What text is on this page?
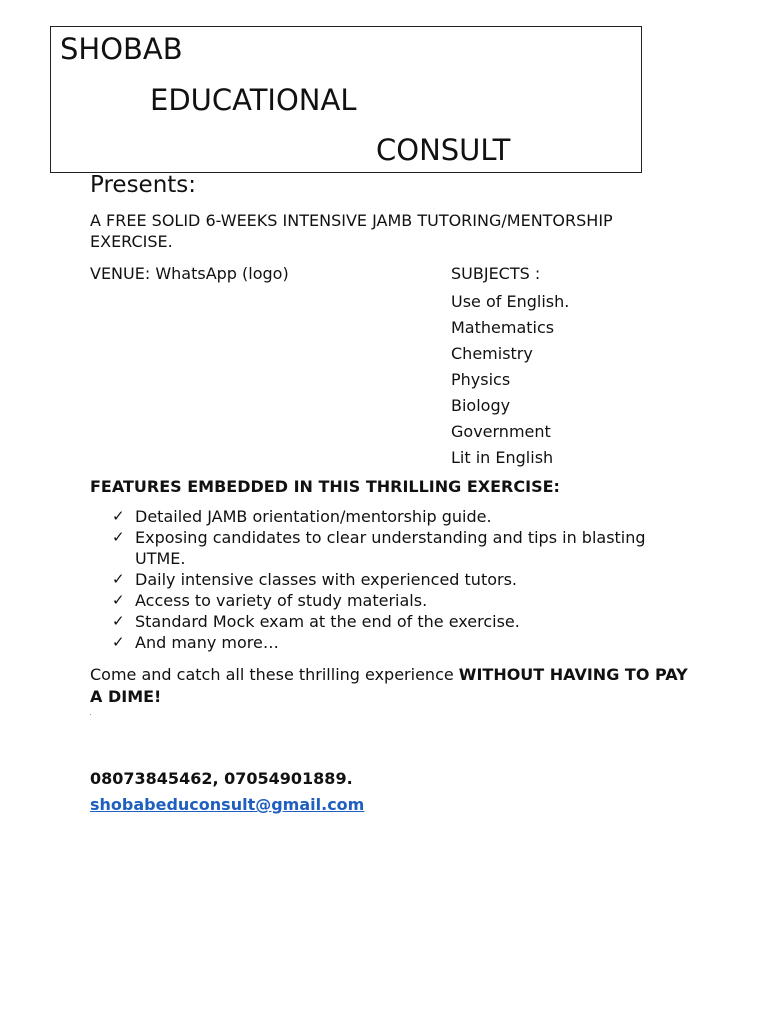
SHOBAB
EDUCATIONAL
CONSULT
Presents:
A FREE SOLID 6-WEEKS INTENSIVE JAMB TUTORING/MENTORSHIP
EXERCISE.
VENUE: WhatsApp (logo)	SUBJECTS :
Use of English.
Mathematics
Chemistry
Physics
Biology
Government
Lit in English
FEATURES EMBEDDED IN THIS THRILLING EXERCISE:
✓ Detailed JAMB orientation/mentorship guide.
✓ Exposing candidates to clear understanding and tips in blasting UTME.
✓ Daily intensive classes with experienced tutors.
✓ Access to variety of study materials.
✓ Standard Mock exam at the end of the exercise.
✓ And many more…
Come and catch all these thrilling experience WITHOUT HAVING TO PAY A DIME!
08073845462, 07054901889.
shobabeduconsult@gmail.com
